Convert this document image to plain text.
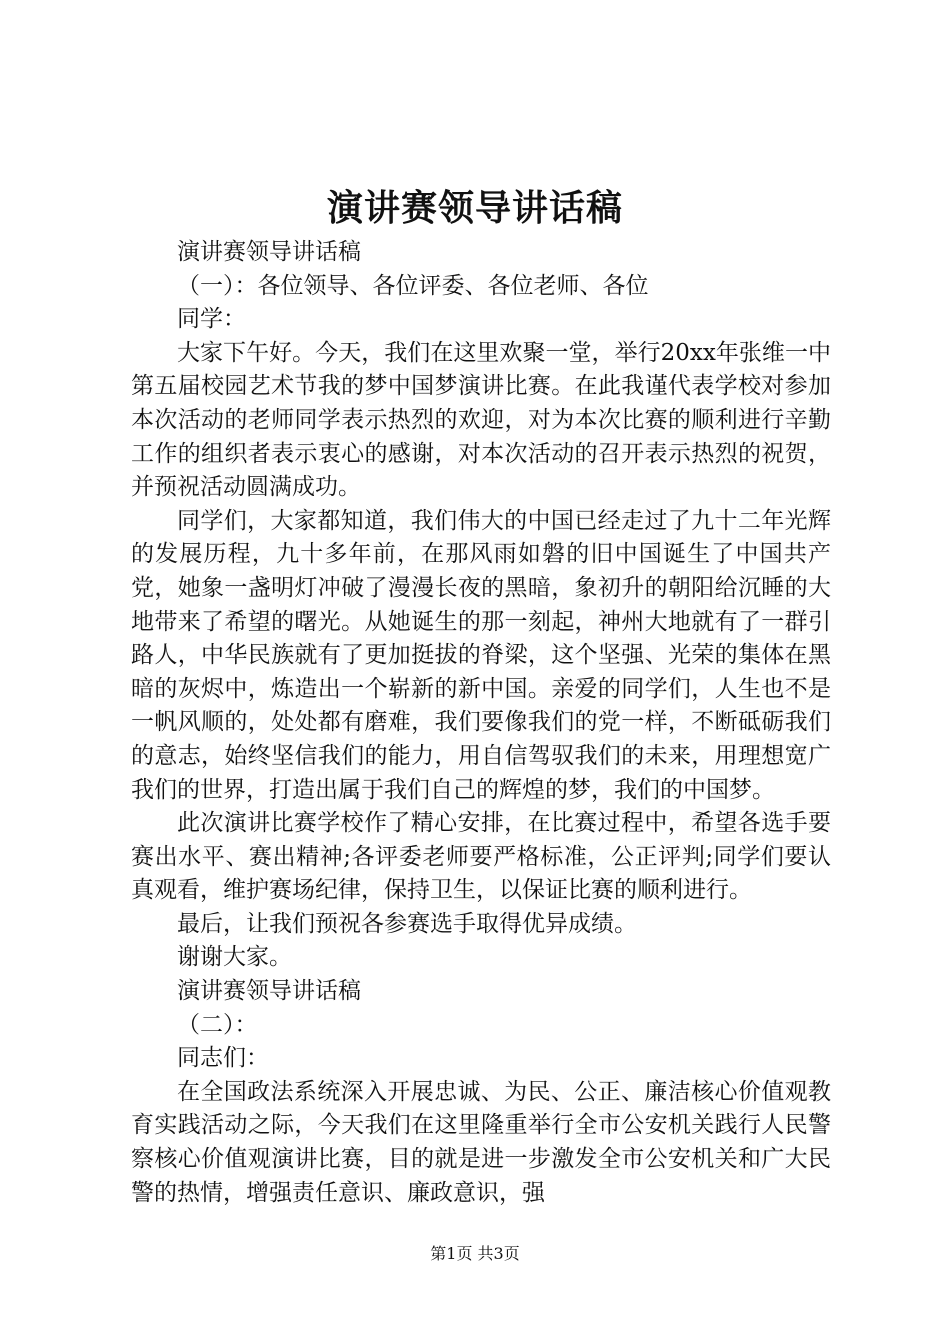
演讲赛领导讲话稿

演讲赛领导讲话稿

（一）：各位领导、各位评委、各位老师、各位

同学：

大家下午好。今天，我们在这里欢聚一堂，举行20xx年张维一中第五届校园艺术节我的梦中国梦演讲比赛。在此我谨代表学校对参加本次活动的老师同学表示热烈的欢迎，对为本次比赛的顺利进行辛勤工作的组织者表示衷心的感谢，对本次活动的召开表示热烈的祝贺，并预祝活动圆满成功。

同学们，大家都知道，我们伟大的中国已经走过了九十二年光辉的发展历程，九十多年前，在那风雨如磐的旧中国诞生了中国共产党，她象一盏明灯冲破了漫漫长夜的黑暗，象初升的朝阳给沉睡的大地带来了希望的曙光。从她诞生的那一刻起，神州大地就有了一群引路人，中华民族就有了更加挺拔的脊梁，这个坚强、光荣的集体在黑暗的灰烬中，炼造出一个崭新的新中国。亲爱的同学们，人生也不是一帆风顺的，处处都有磨难，我们要像我们的党一样，不断砥砺我们的意志，始终坚信我们的能力，用自信驾驭我们的未来，用理想宽广我们的世界，打造出属于我们自己的辉煌的梦，我们的中国梦。

此次演讲比赛学校作了精心安排，在比赛过程中，希望各选手要赛出水平、赛出精神;各评委老师要严格标准，公正评判;同学们要认真观看，维护赛场纪律，保持卫生，以保证比赛的顺利进行。

最后，让我们预祝各参赛选手取得优异成绩。

谢谢大家。

演讲赛领导讲话稿

（二）：

同志们：

在全国政法系统深入开展忠诚、为民、公正、廉洁核心价值观教育实践活动之际，今天我们在这里隆重举行全市公安机关践行人民警察核心价值观演讲比赛，目的就是进一步激发全市公安机关和广大民警的热情，增强责任意识、廉政意识，强

第1页 共3页
